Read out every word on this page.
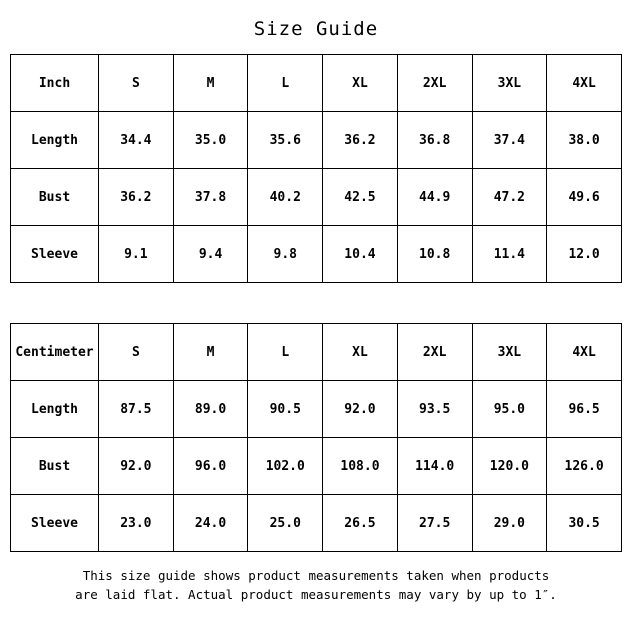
Size Guide
Inch	S	M	L	XL	2XL	3XL	4XL
Length	34.4	35.0	35.6	36.2	36.8	37.4	38.0
Bust	36.2	37.8	40.2	42.5	44.9	47.2	49.6
Sleeve	9.1	9.4	9.8	10.4	10.8	11.4	12.0
Centimeter	S	M	L	XL	2XL	3XL	4XL
Length	87.5	89.0	90.5	92.0	93.5	95.0	96.5
Bust	92.0	96.0	102.0	108.0	114.0	120.0	126.0
Sleeve	23.0	24.0	25.0	26.5	27.5	29.0	30.5
This size guide shows product measurements taken when products
are laid flat. Actual product measurements may vary by up to 1″.
